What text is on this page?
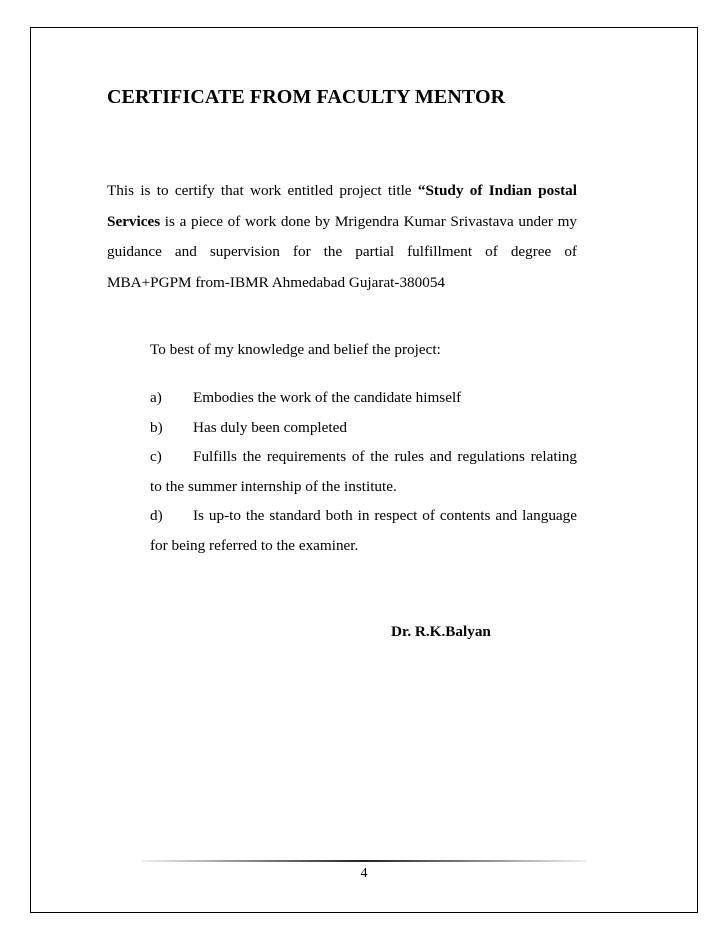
CERTIFICATE FROM FACULTY MENTOR
This is to certify that work entitled project title “Study of Indian postal Services is a piece of work done by Mrigendra Kumar Srivastava under my guidance and supervision for the partial fulfillment of degree of MBA+PGPM from-IBMR Ahmedabad Gujarat-380054
To best of my knowledge and belief the project:
a) Embodies the work of the candidate himself
b) Has duly been completed
c) Fulfills the requirements of the rules and regulations relating to the summer internship of the institute.
d) Is up-to the standard both in respect of contents and language for being referred to the examiner.
Dr. R.K.Balyan
4
